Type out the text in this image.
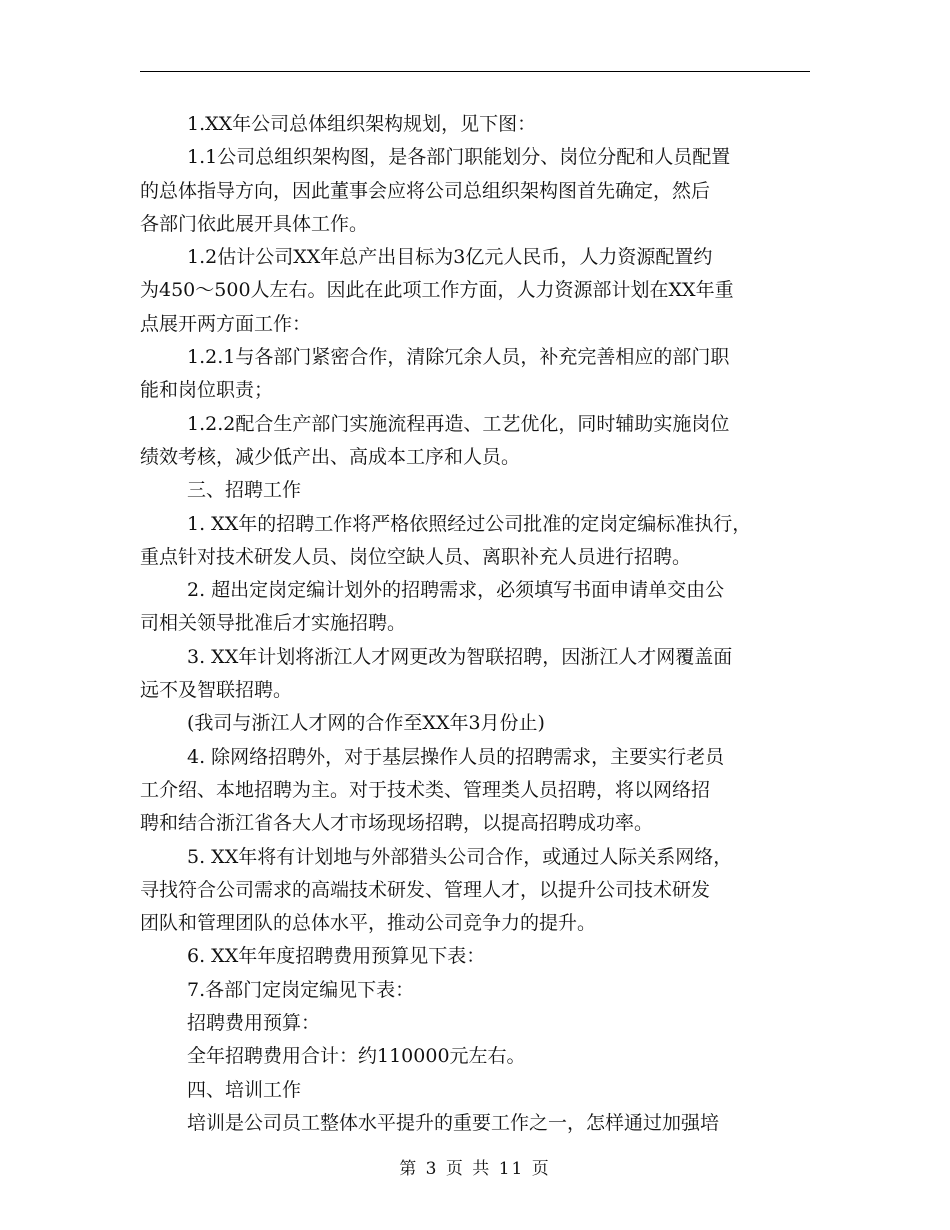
1.XX年公司总体组织架构规划，见下图：
1.1公司总组织架构图，是各部门职能划分、岗位分配和人员配置
的总体指导方向，因此董事会应将公司总组织架构图首先确定，然后
各部门依此展开具体工作。
1.2估计公司XX年总产出目标为3亿元人民币，人力资源配置约
为450～500人左右。因此在此项工作方面，人力资源部计划在XX年重
点展开两方面工作：
1.2.1与各部门紧密合作，清除冗余人员，补充完善相应的部门职
能和岗位职责；
1.2.2配合生产部门实施流程再造、工艺优化，同时辅助实施岗位
绩效考核，减少低产出、高成本工序和人员。
三、招聘工作
1. XX年的招聘工作将严格依照经过公司批准的定岗定编标准执行，
重点针对技术研发人员、岗位空缺人员、离职补充人员进行招聘。
2. 超出定岗定编计划外的招聘需求，必须填写书面申请单交由公
司相关领导批准后才实施招聘。
3. XX年计划将浙江人才网更改为智联招聘，因浙江人才网覆盖面
远不及智联招聘。
(我司与浙江人才网的合作至XX年3月份止)
4. 除网络招聘外，对于基层操作人员的招聘需求，主要实行老员
工介绍、本地招聘为主。对于技术类、管理类人员招聘，将以网络招
聘和结合浙江省各大人才市场现场招聘，以提高招聘成功率。
5. XX年将有计划地与外部猎头公司合作，或通过人际关系网络，
寻找符合公司需求的高端技术研发、管理人才，以提升公司技术研发
团队和管理团队的总体水平，推动公司竞争力的提升。
6. XX年年度招聘费用预算见下表：
7.各部门定岗定编见下表：
招聘费用预算：
全年招聘费用合计：约110000元左右。
四、培训工作
培训是公司员工整体水平提升的重要工作之一，怎样通过加强培
第 3 页 共 11 页
